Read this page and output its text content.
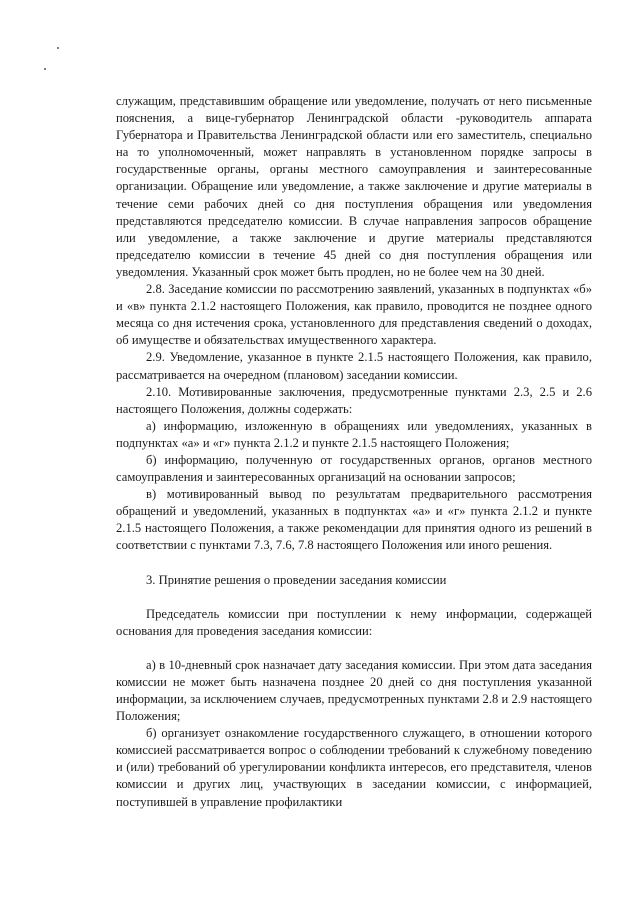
служащим, представившим обращение или уведомление, получать от него письменные пояснения, а вице-губернатор Ленинградской области -руководитель аппарата Губернатора и Правительства Ленинградской области или его заместитель, специально на то уполномоченный, может направлять в установленном порядке запросы в государственные органы, органы местного самоуправления и заинтересованные организации. Обращение или уведомление, а также заключение и другие материалы в течение семи рабочих дней со дня поступления обращения или уведомления представляются председателю комиссии. В случае направления запросов обращение или уведомление, а также заключение и другие материалы представляются председателю комиссии в течение 45 дней со дня поступления обращения или уведомления. Указанный срок может быть продлен, но не более чем на 30 дней.

2.8. Заседание комиссии по рассмотрению заявлений, указанных в подпунктах «б» и «в» пункта 2.1.2 настоящего Положения, как правило, проводится не позднее одного месяца со дня истечения срока, установленного для представления сведений о доходах, об имуществе и обязательствах имущественного характера.

2.9. Уведомление, указанное в пункте 2.1.5 настоящего Положения, как правило, рассматривается на очередном (плановом) заседании комиссии.

2.10. Мотивированные заключения, предусмотренные пунктами 2.3, 2.5 и 2.6 настоящего Положения, должны содержать:

а) информацию, изложенную в обращениях или уведомлениях, указанных в подпунктах «а» и «г» пункта 2.1.2 и пункте 2.1.5 настоящего Положения;

б) информацию, полученную от государственных органов, органов местного самоуправления и заинтересованных организаций на основании запросов;

в) мотивированный вывод по результатам предварительного рассмотрения обращений и уведомлений, указанных в подпунктах «а» и «г» пункта 2.1.2 и пункте 2.1.5 настоящего Положения, а также рекомендации для принятия одного из решений в соответствии с пунктами 7.3, 7.6, 7.8 настоящего Положения или иного решения.

3. Принятие решения о проведении заседания комиссии

Председатель комиссии при поступлении к нему информации, содержащей основания для проведения заседания комиссии:

а) в 10-дневный срок назначает дату заседания комиссии. При этом дата заседания комиссии не может быть назначена позднее 20 дней со дня поступления указанной информации, за исключением случаев, предусмотренных пунктами 2.8 и 2.9 настоящего Положения;

б) организует ознакомление государственного служащего, в отношении которого комиссией рассматривается вопрос о соблюдении требований к служебному поведению и (или) требований об урегулировании конфликта интересов, его представителя, членов комиссии и других лиц, участвующих в заседании комиссии, с информацией, поступившей в управление профилактики
